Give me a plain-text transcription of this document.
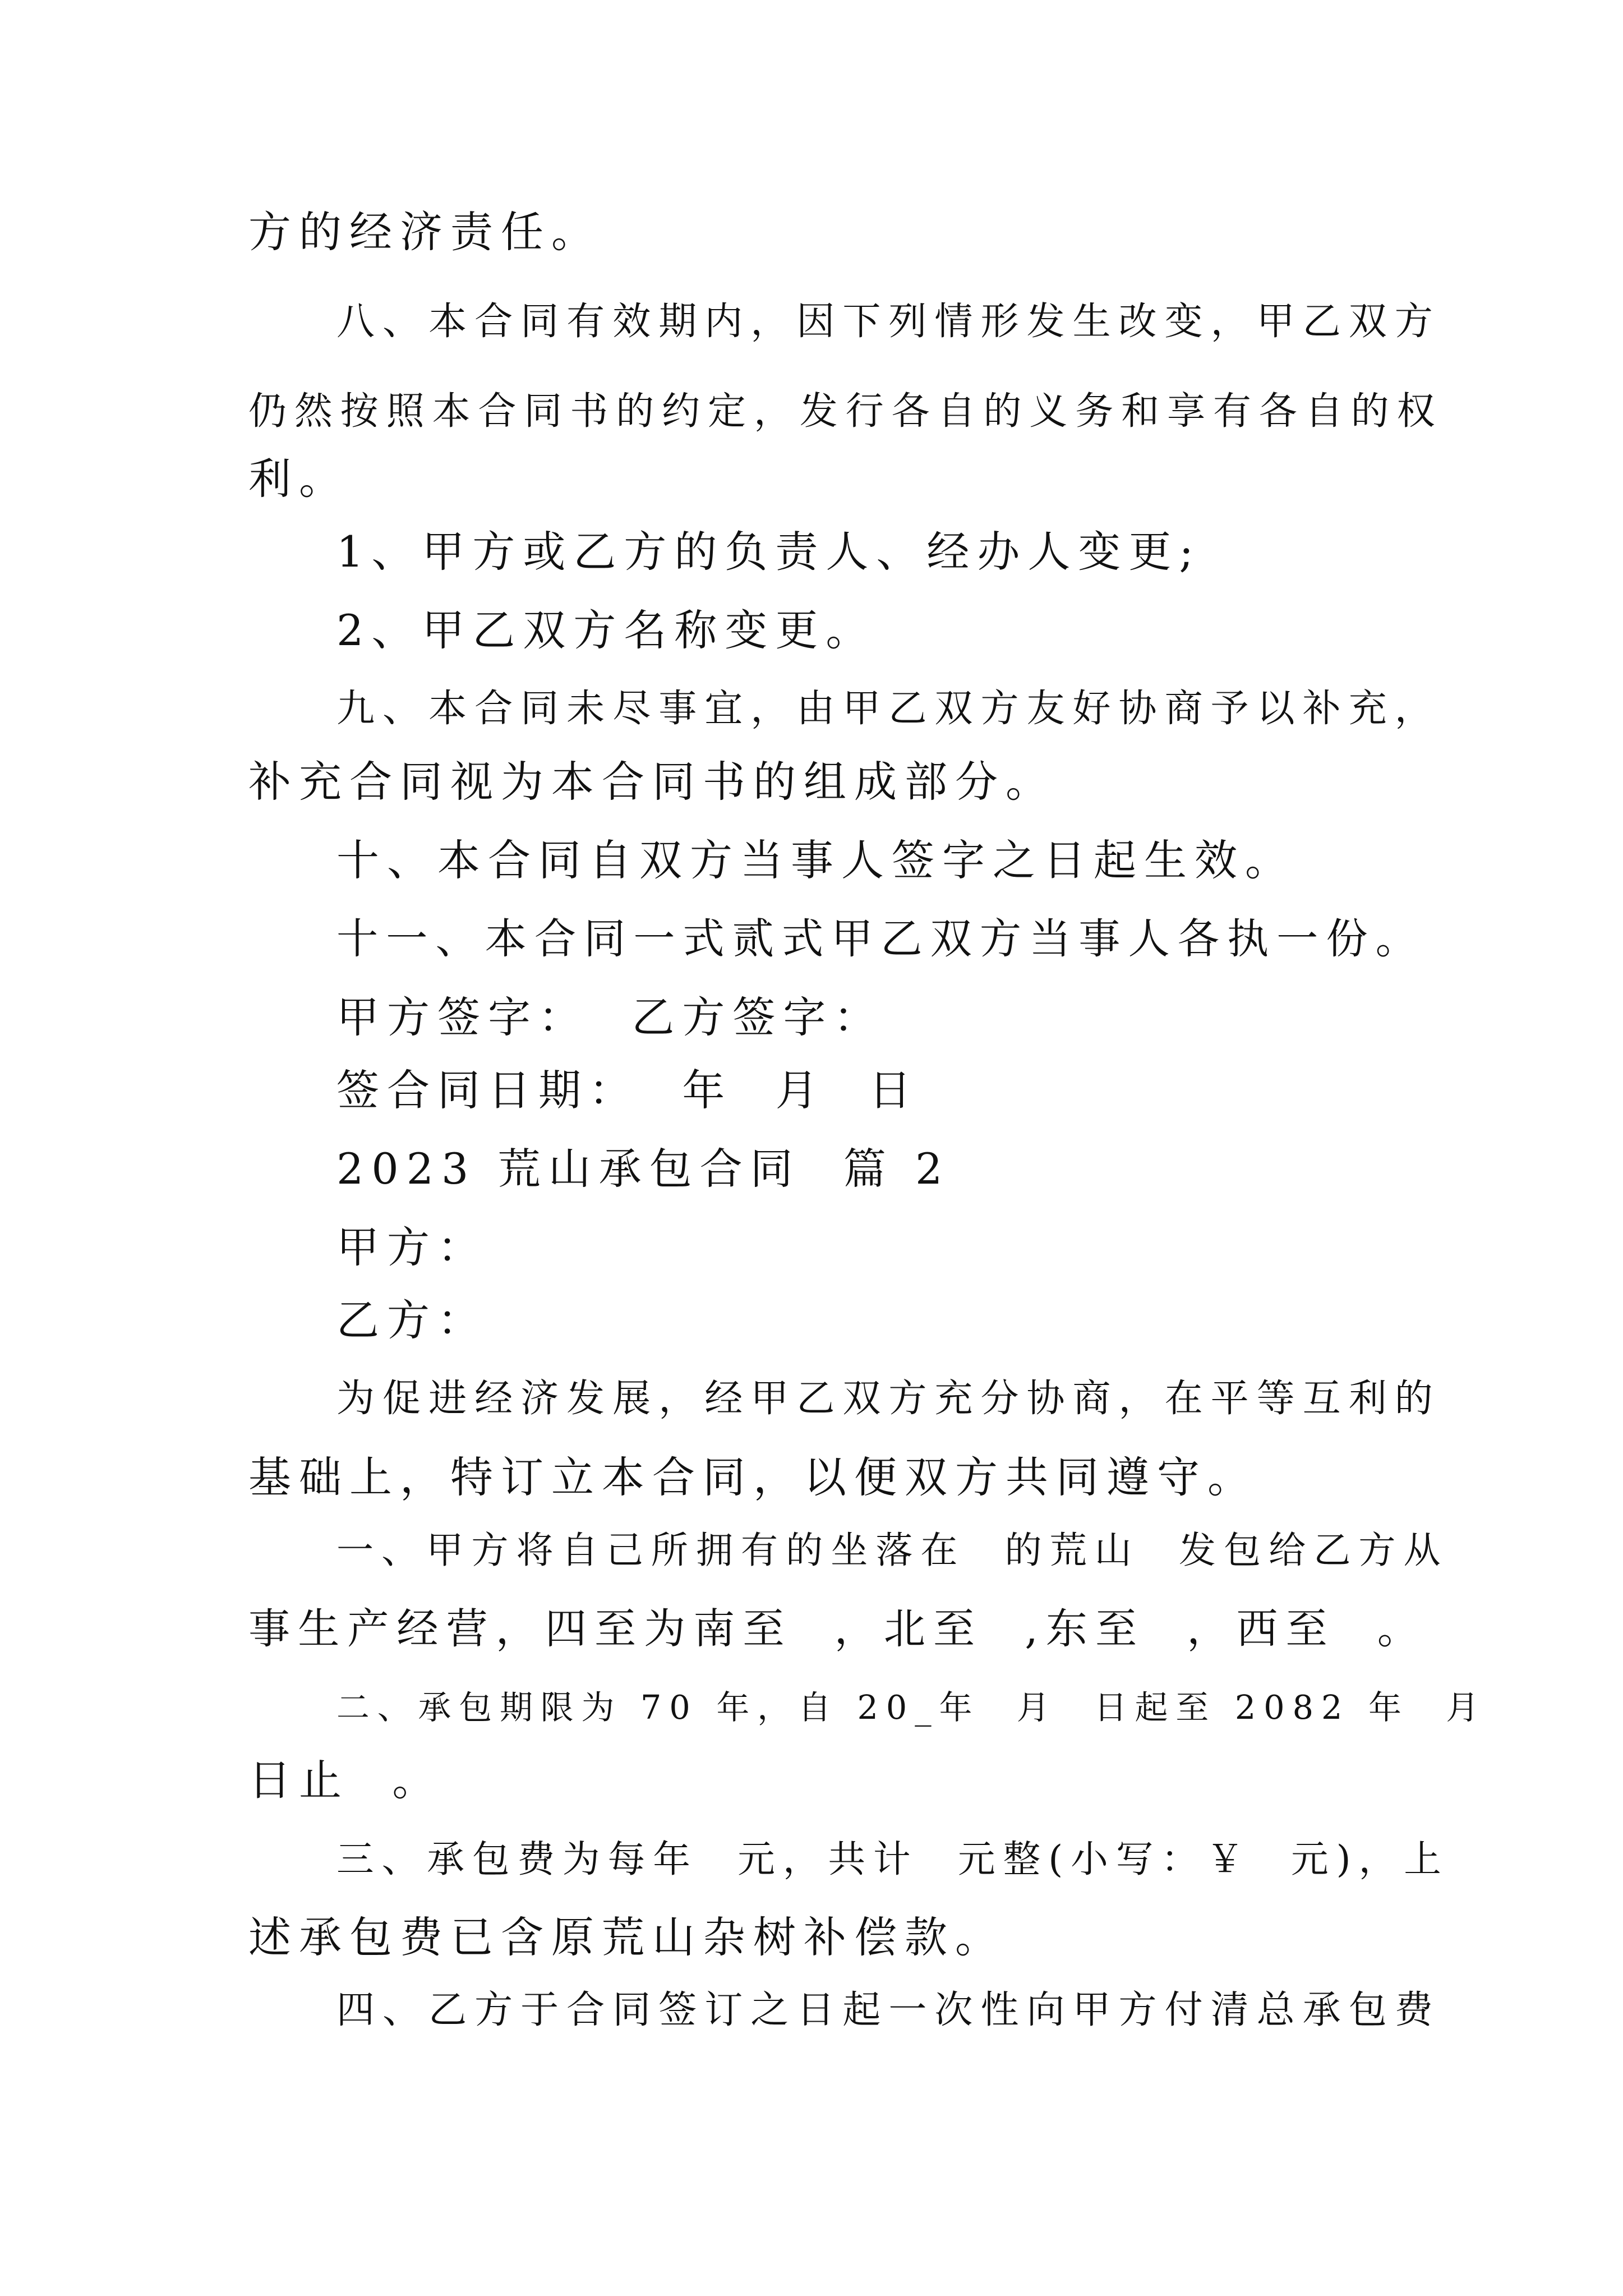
方的经济责任。
八、本合同有效期内，因下列情形发生改变，甲乙双方
仍然按照本合同书的约定，发行各自的义务和享有各自的权
利。
1、甲方或乙方的负责人、经办人变更;
2、甲乙双方名称变更。
九、本合同未尽事宜，由甲乙双方友好协商予以补充，
补充合同视为本合同书的组成部分。
十、本合同自双方当事人签字之日起生效。
十一、本合同一式贰式甲乙双方当事人各执一份。
甲方签字：  乙方签字：
签合同日期：  年  月  日
2023 荒山承包合同  篇 2
甲方：
乙方：
为促进经济发展，经甲乙双方充分协商，在平等互利的
基础上，特订立本合同，以便双方共同遵守。
一、甲方将自己所拥有的坐落在  的荒山  发包给乙方从
事生产经营，四至为南至  ，北至  ,东至  ，西至  。
二、承包期限为 70 年，自 20_年  月  日起至 2082 年  月
日止  。
三、承包费为每年  元，共计  元整(小写：￥  元)，上
述承包费已含原荒山杂树补偿款。
四、乙方于合同签订之日起一次性向甲方付清总承包费
